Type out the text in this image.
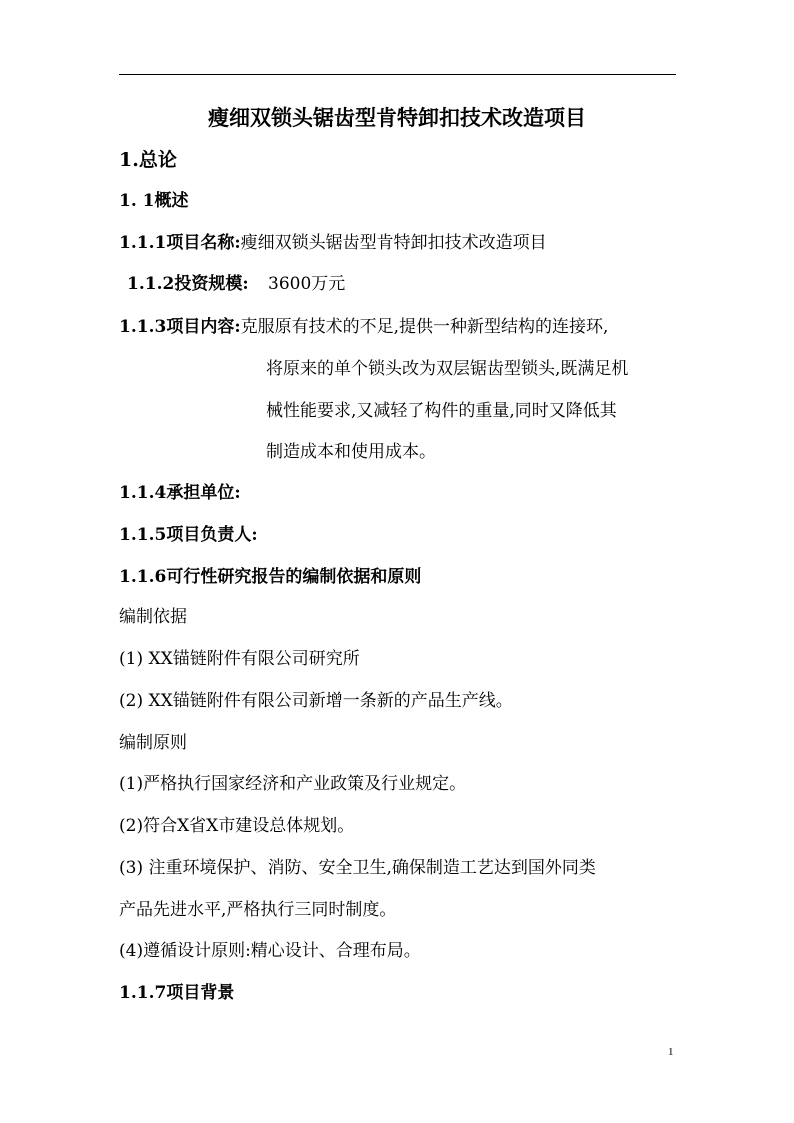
瘦细双锁头锯齿型肯特卸扣技术改造项目
1.总论
1. 1概述
1.1.1项目名称:瘦细双锁头锯齿型肯特卸扣技术改造项目
1.1.2投资规模: 3600万元
1.1.3项目内容:克服原有技术的不足,提供一种新型结构的连接环,
将原来的单个锁头改为双层锯齿型锁头,既满足机
械性能要求,又减轻了构件的重量,同时又降低其
制造成本和使用成本。
1.1.4承担单位:
1.1.5项目负责人:
1.1.6可行性研究报告的编制依据和原则
编制依据
(1) XX锚链附件有限公司研究所
(2) XX锚链附件有限公司新增一条新的产品生产线。
编制原则
(1)严格执行国家经济和产业政策及行业规定。
(2)符合X省X市建设总体规划。
(3) 注重环境保护、消防、安全卫生,确保制造工艺达到国外同类
产品先进水平,严格执行三同时制度。
(4)遵循设计原则:精心设计、合理布局。
1.1.7项目背景
1
